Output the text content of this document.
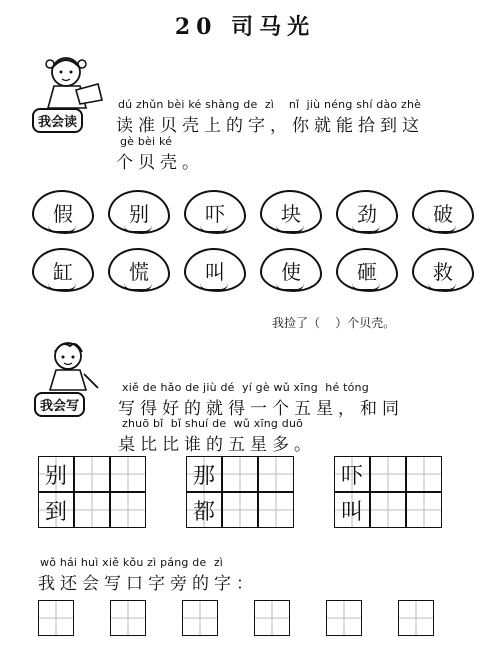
20 司马光
我会读
dú zhǔn bèi ké shàng de  zì    nǐ  jiù néng shí dào zhè
读准贝壳上的字，你就能拾到这
gè bèi ké
个贝壳。
假	别	吓	块	劲	破
缸	慌	叫	使	砸	救
我捡了（    ）个贝壳。
我会写
xiě de hǎo de jiù dé  yí gè wǔ xīng  hé tóng
写得好的就得一个五星，和同
zhuō bǐ  bǐ shuí de  wǔ xīng duō
桌比比谁的五星多。
别
到
那
都
吓
叫
wǒ hái huì xiě kǒu zì páng de  zì
我还会写口字旁的字：
